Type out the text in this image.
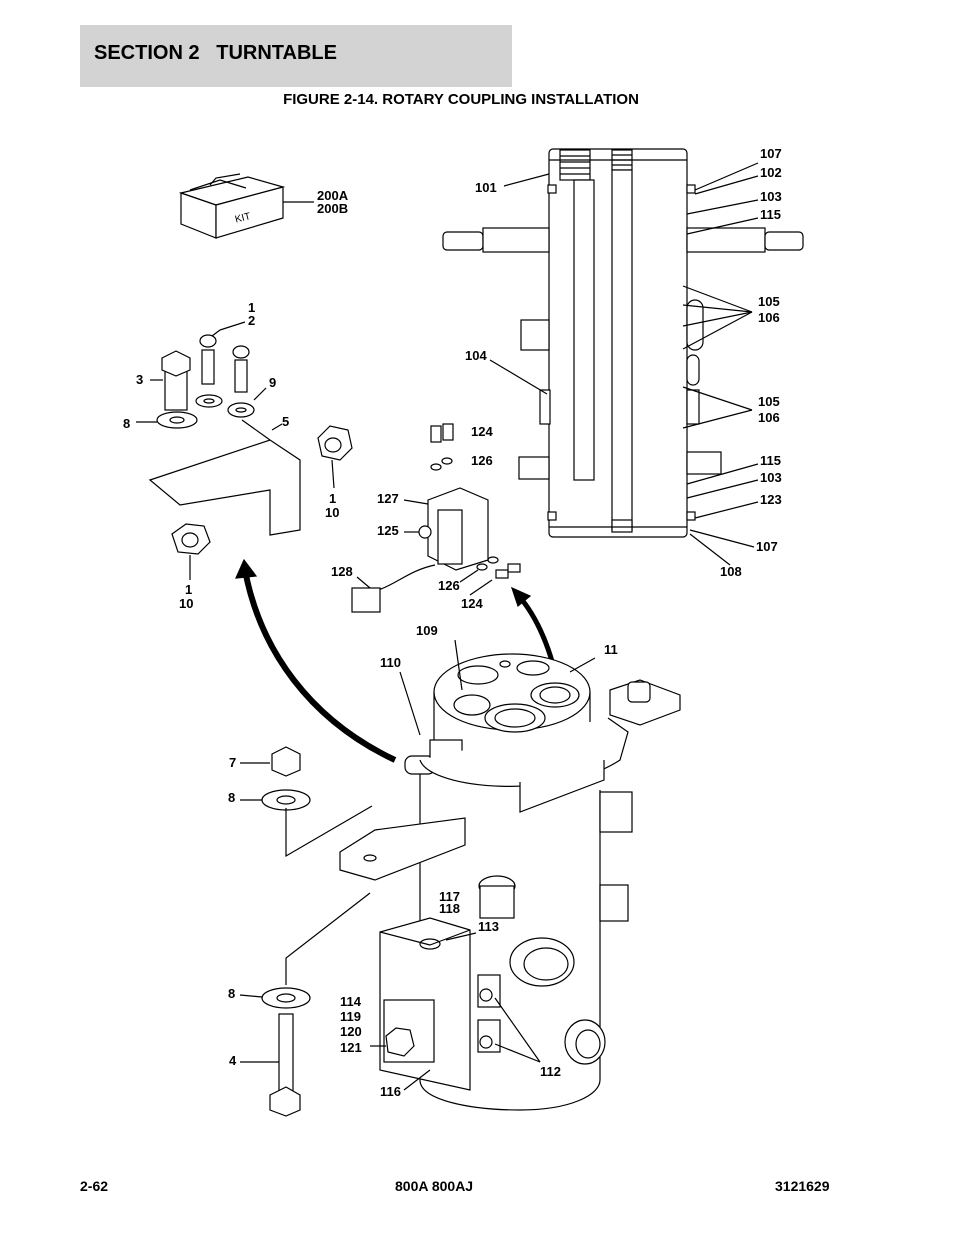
SECTION 2   TURNTABLE
FIGURE 2-14. ROTARY COUPLING INSTALLATION
KIT
101
107
102
103
115
200A
200B
1
2
3	9
8	5
1
10
1
10
104
105
106
105
106
124
126
127
125
128
126
124
115
103
123
107
108
109
110
11
7
8
117
118
113
8
114
119
120
121
4
112
116
2-62	800A 800AJ	3121629
